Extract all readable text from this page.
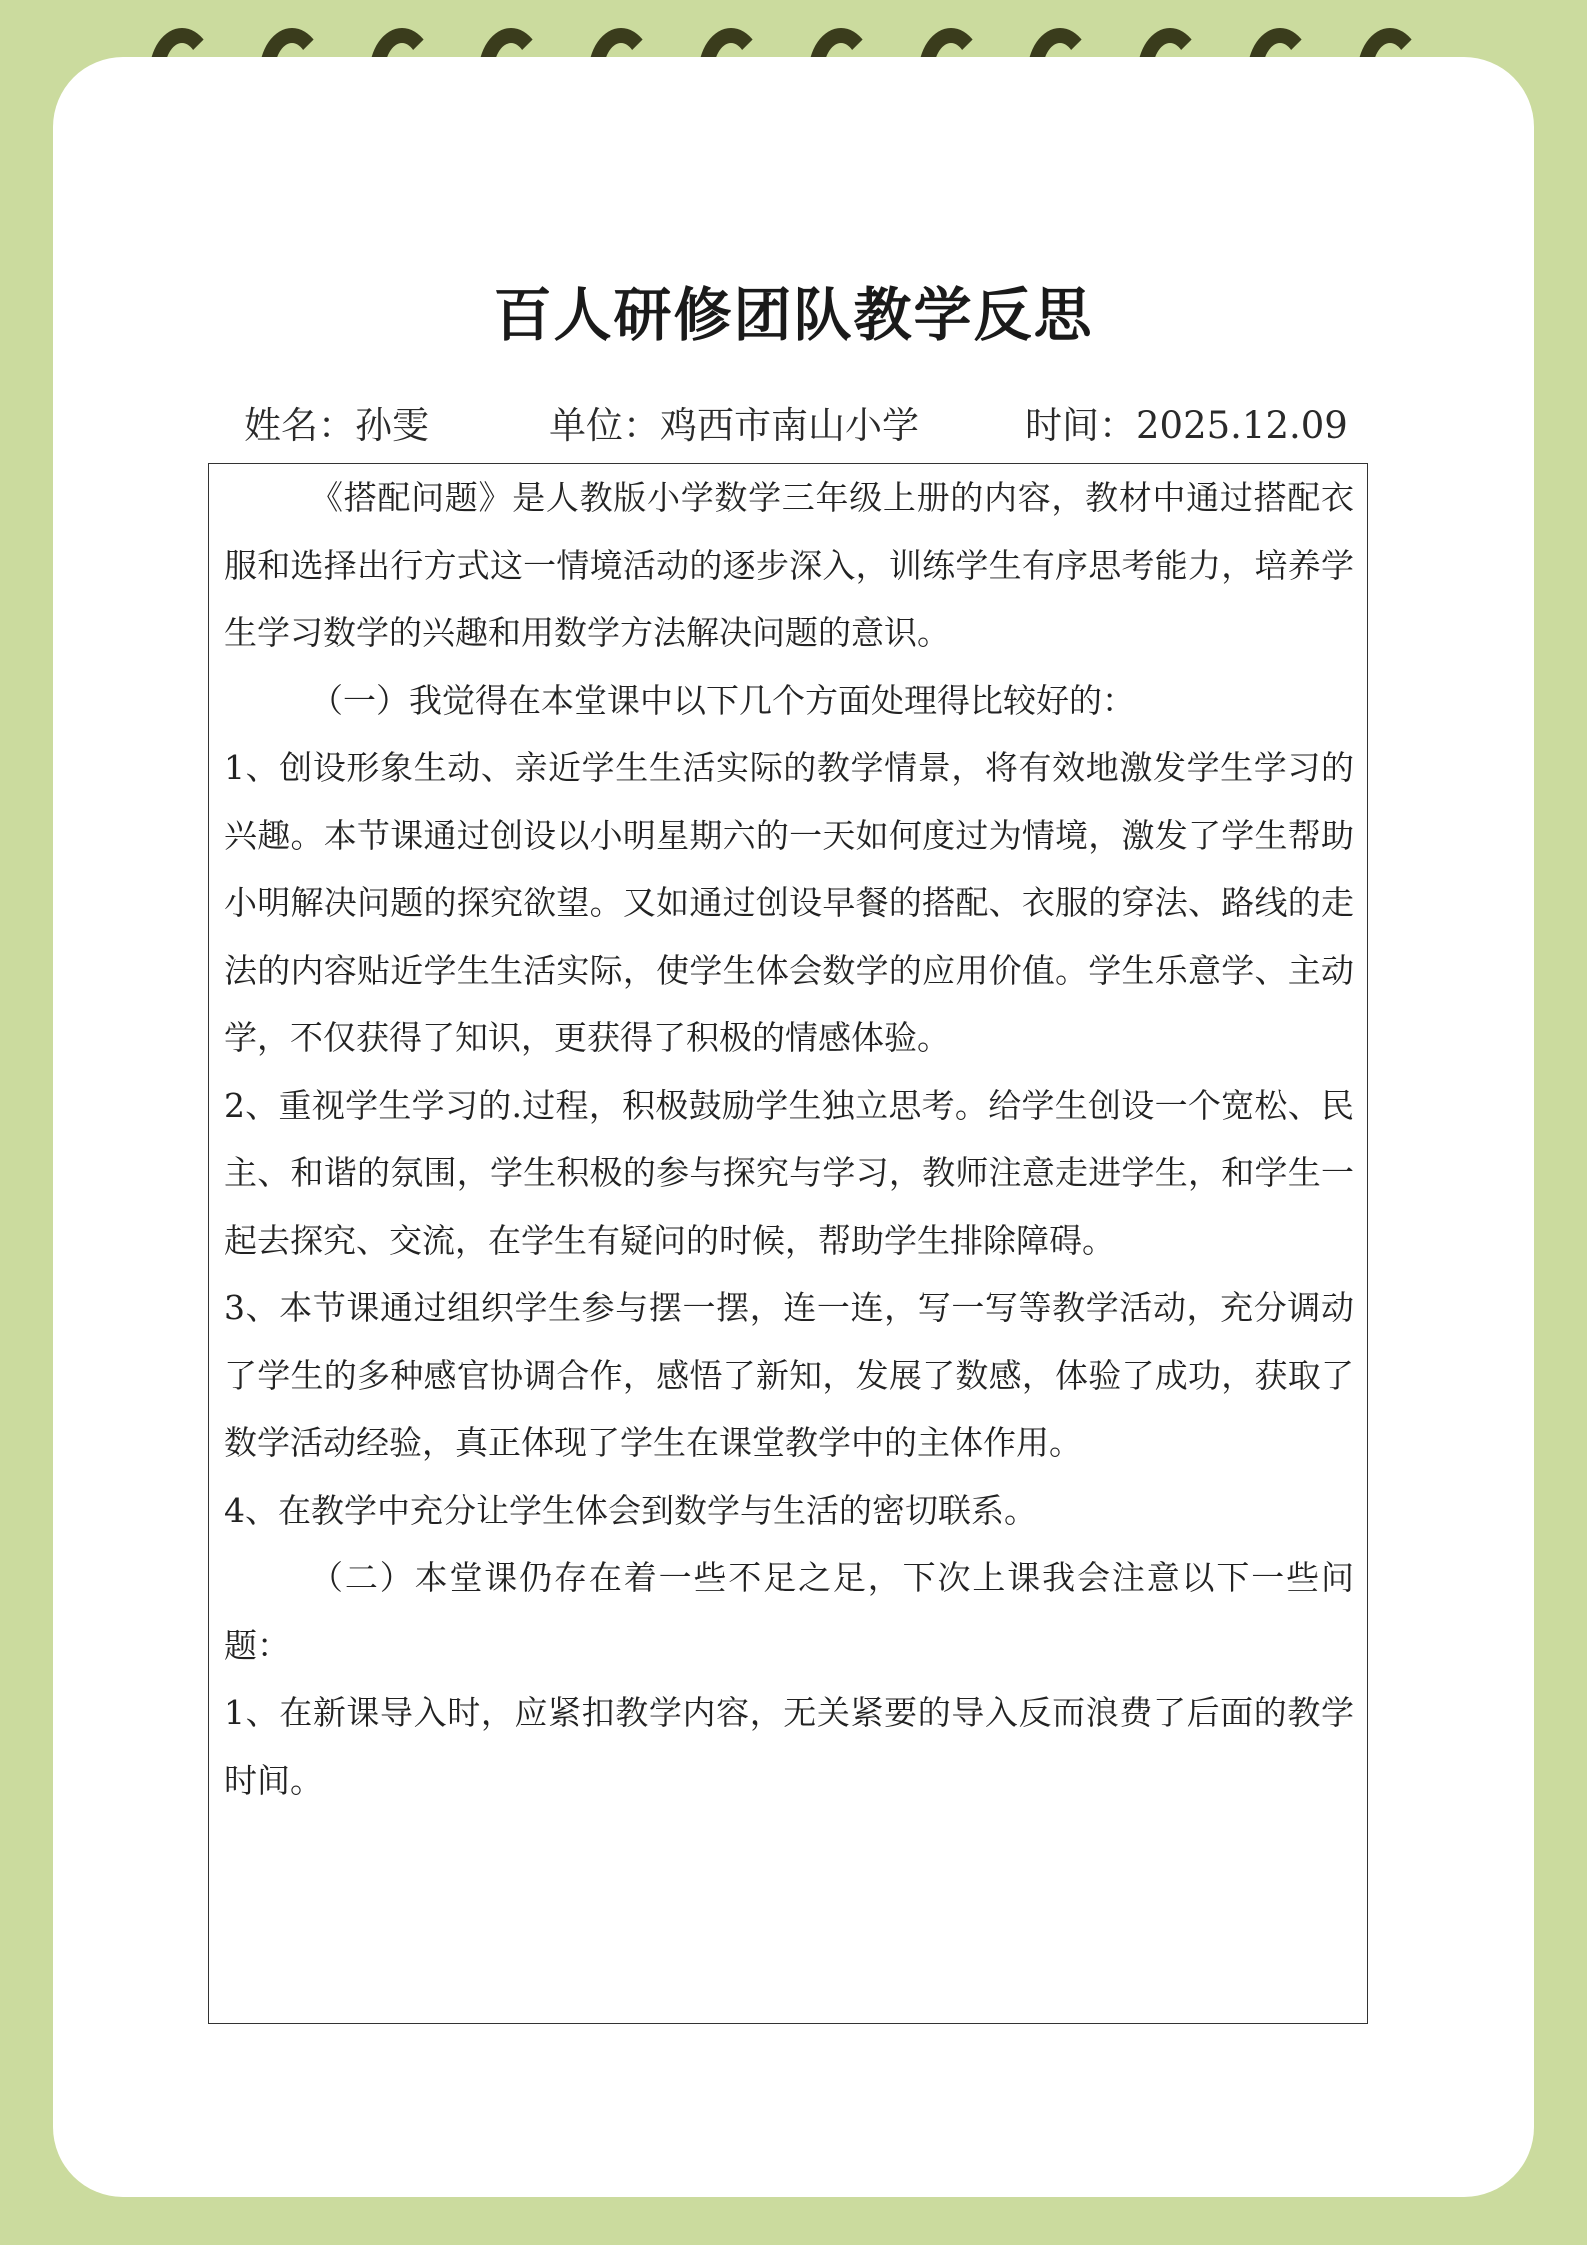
百人研修团队教学反思
姓名：孙雯	单位：鸡西市南山小学	时间：2025.12.09

《搭配问题》是人教版小学数学三年级上册的内容，教材中通过搭配衣服和选择出行方式这一情境活动的逐步深入，训练学生有序思考能力，培养学生学习数学的兴趣和用数学方法解决问题的意识。

（一）我觉得在本堂课中以下几个方面处理得比较好的：

1、创设形象生动、亲近学生生活实际的教学情景，将有效地激发学生学习的兴趣。本节课通过创设以小明星期六的一天如何度过为情境，激发了学生帮助小明解决问题的探究欲望。又如通过创设早餐的搭配、衣服的穿法、路线的走法的内容贴近学生生活实际，使学生体会数学的应用价值。学生乐意学、主动学，不仅获得了知识，更获得了积极的情感体验。

2、重视学生学习的.过程，积极鼓励学生独立思考。给学生创设一个宽松、民主、和谐的氛围，学生积极的参与探究与学习，教师注意走进学生，和学生一起去探究、交流，在学生有疑问的时候，帮助学生排除障碍。

3、本节课通过组织学生参与摆一摆，连一连，写一写等教学活动，充分调动了学生的多种感官协调合作，感悟了新知，发展了数感，体验了成功，获取了数学活动经验，真正体现了学生在课堂教学中的主体作用。

4、在教学中充分让学生体会到数学与生活的密切联系。

（二）本堂课仍存在着一些不足之足，下次上课我会注意以下一些问题：

1、在新课导入时，应紧扣教学内容，无关紧要的导入反而浪费了后面的教学时间。
